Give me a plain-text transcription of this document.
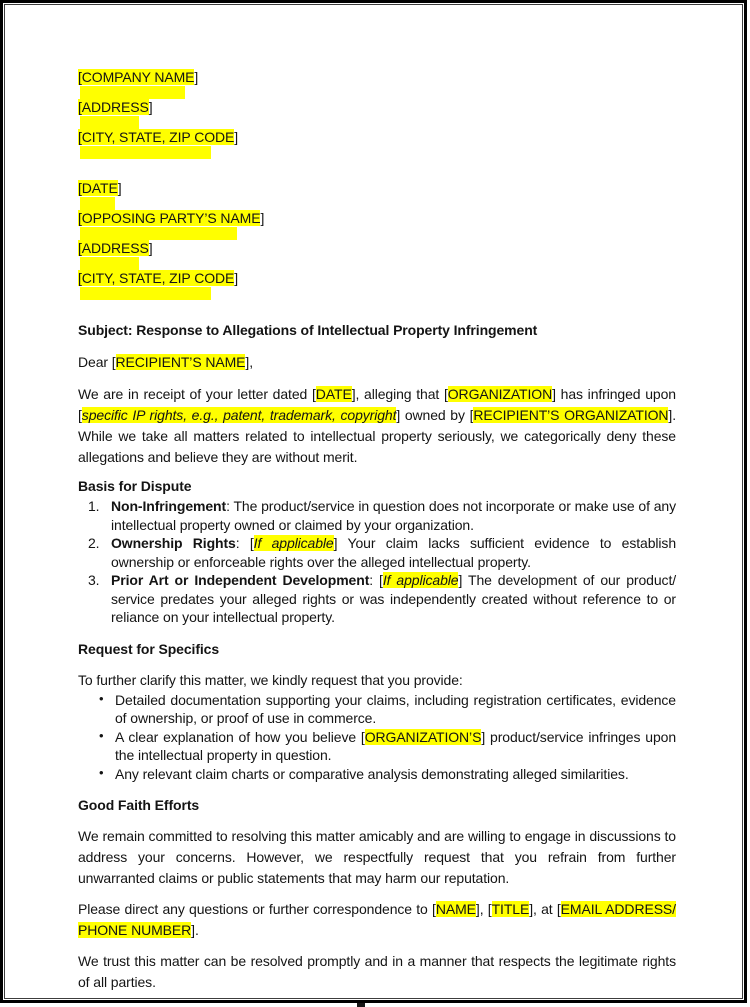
[COMPANY NAME]
[ADDRESS]
[CITY, STATE, ZIP CODE]
[DATE]
[OPPOSING PARTY’S NAME]
[ADDRESS]
[CITY, STATE, ZIP CODE]

Subject: Response to Allegations of Intellectual Property Infringement

Dear [RECIPIENT’S NAME],

We are in receipt of your letter dated [DATE], alleging that [ORGANIZATION] has infringed upon [specific IP rights, e.g., patent, trademark, copyright] owned by [RECIPIENT’S ORGANIZATION]. While we take all matters related to intellectual property seriously, we categorically deny these allegations and believe they are without merit.

Basis for Dispute

1. Non-Infringement: The product/service in question does not incorporate or make use of any intellectual property owned or claimed by your organization.
2. Ownership Rights: [If applicable] Your claim lacks sufficient evidence to establish ownership or enforceable rights over the alleged intellectual property.
3. Prior Art or Independent Development: [If applicable] The development of our product/ service predates your alleged rights or was independently created without reference to or reliance on your intellectual property.

Request for Specifics

To further clarify this matter, we kindly request that you provide:

• Detailed documentation supporting your claims, including registration certificates, evidence of ownership, or proof of use in commerce.
• A clear explanation of how you believe [ORGANIZATION’S] product/service infringes upon the intellectual property in question.
• Any relevant claim charts or comparative analysis demonstrating alleged similarities.

Good Faith Efforts

We remain committed to resolving this matter amicably and are willing to engage in discussions to address your concerns. However, we respectfully request that you refrain from further unwarranted claims or public statements that may harm our reputation.

Please direct any questions or further correspondence to [NAME], [TITLE], at [EMAIL ADDRESS/ PHONE NUMBER].

We trust this matter can be resolved promptly and in a manner that respects the legitimate rights of all parties.
